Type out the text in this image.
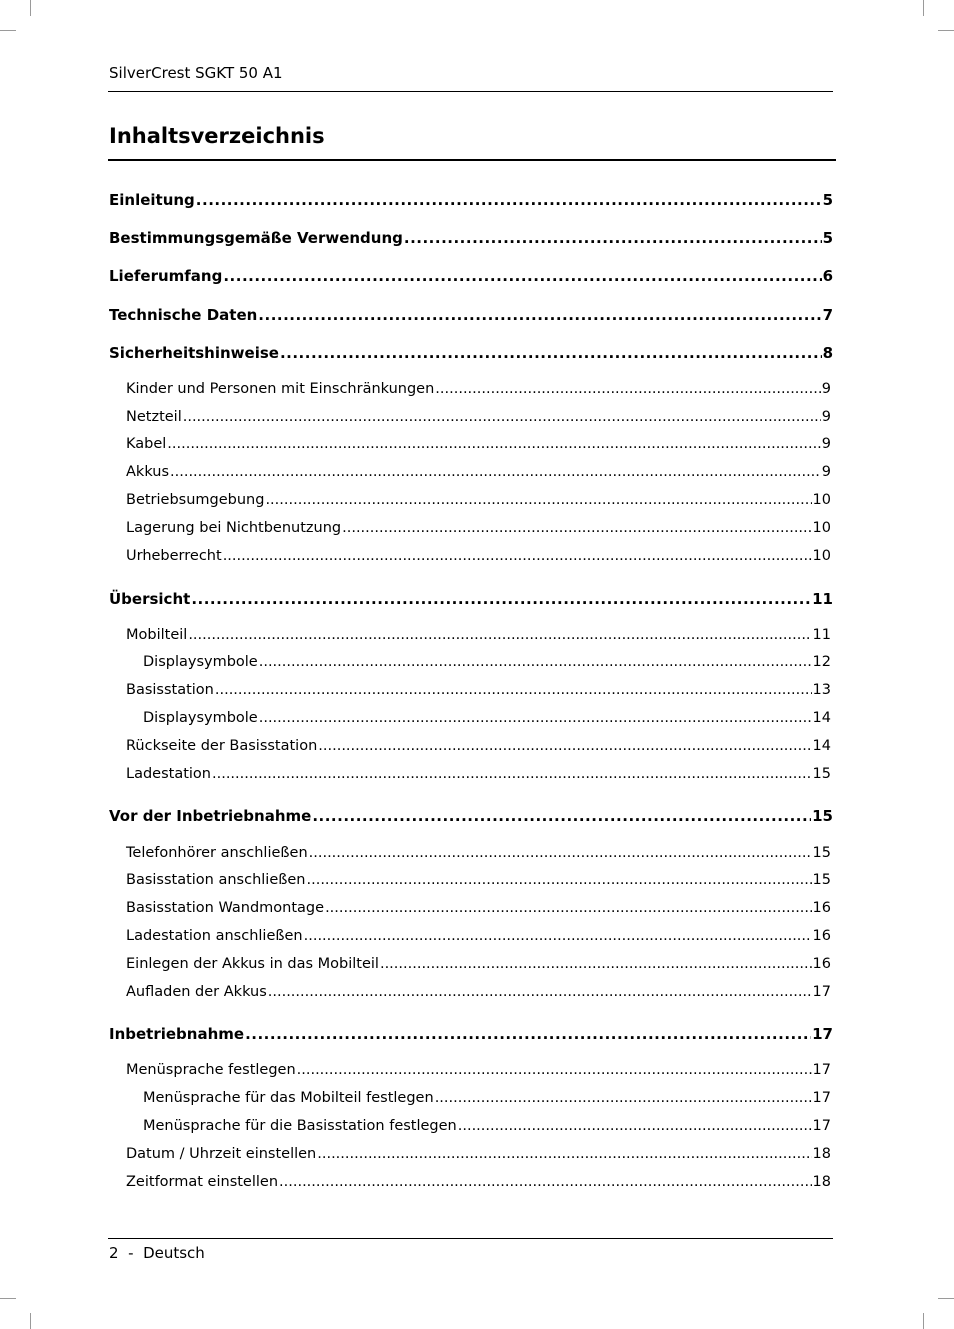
SilverCrest SGKT 50 A1
Inhaltsverzeichnis
Einleitung .....	5
Bestimmungsgemäße Verwendung .....	5
Lieferumfang .....	6
Technische Daten .....	7
Sicherheitshinweise .....	8
Kinder und Personen mit Einschränkungen .....	9
Netzteil .....	9
Kabel .....	9
Akkus .....	9
Betriebsumgebung .....	10
Lagerung bei Nichtbenutzung .....	10
Urheberrecht .....	10
Übersicht .....	11
Mobilteil .....	11
Displaysymbole .....	12
Basisstation .....	13
Displaysymbole .....	14
Rückseite der Basisstation .....	14
Ladestation .....	15
Vor der Inbetriebnahme .....	15
Telefonhörer anschließen .....	15
Basisstation anschließen .....	15
Basisstation Wandmontage .....	16
Ladestation anschließen .....	16
Einlegen der Akkus in das Mobilteil .....	16
Aufladen der Akkus .....	17
Inbetriebnahme .....	17
Menüsprache festlegen .....	17
Menüsprache für das Mobilteil festlegen .....	17
Menüsprache für die Basisstation festlegen .....	17
Datum / Uhrzeit einstellen .....	18
Zeitformat einstellen .....	18
2 - Deutsch
